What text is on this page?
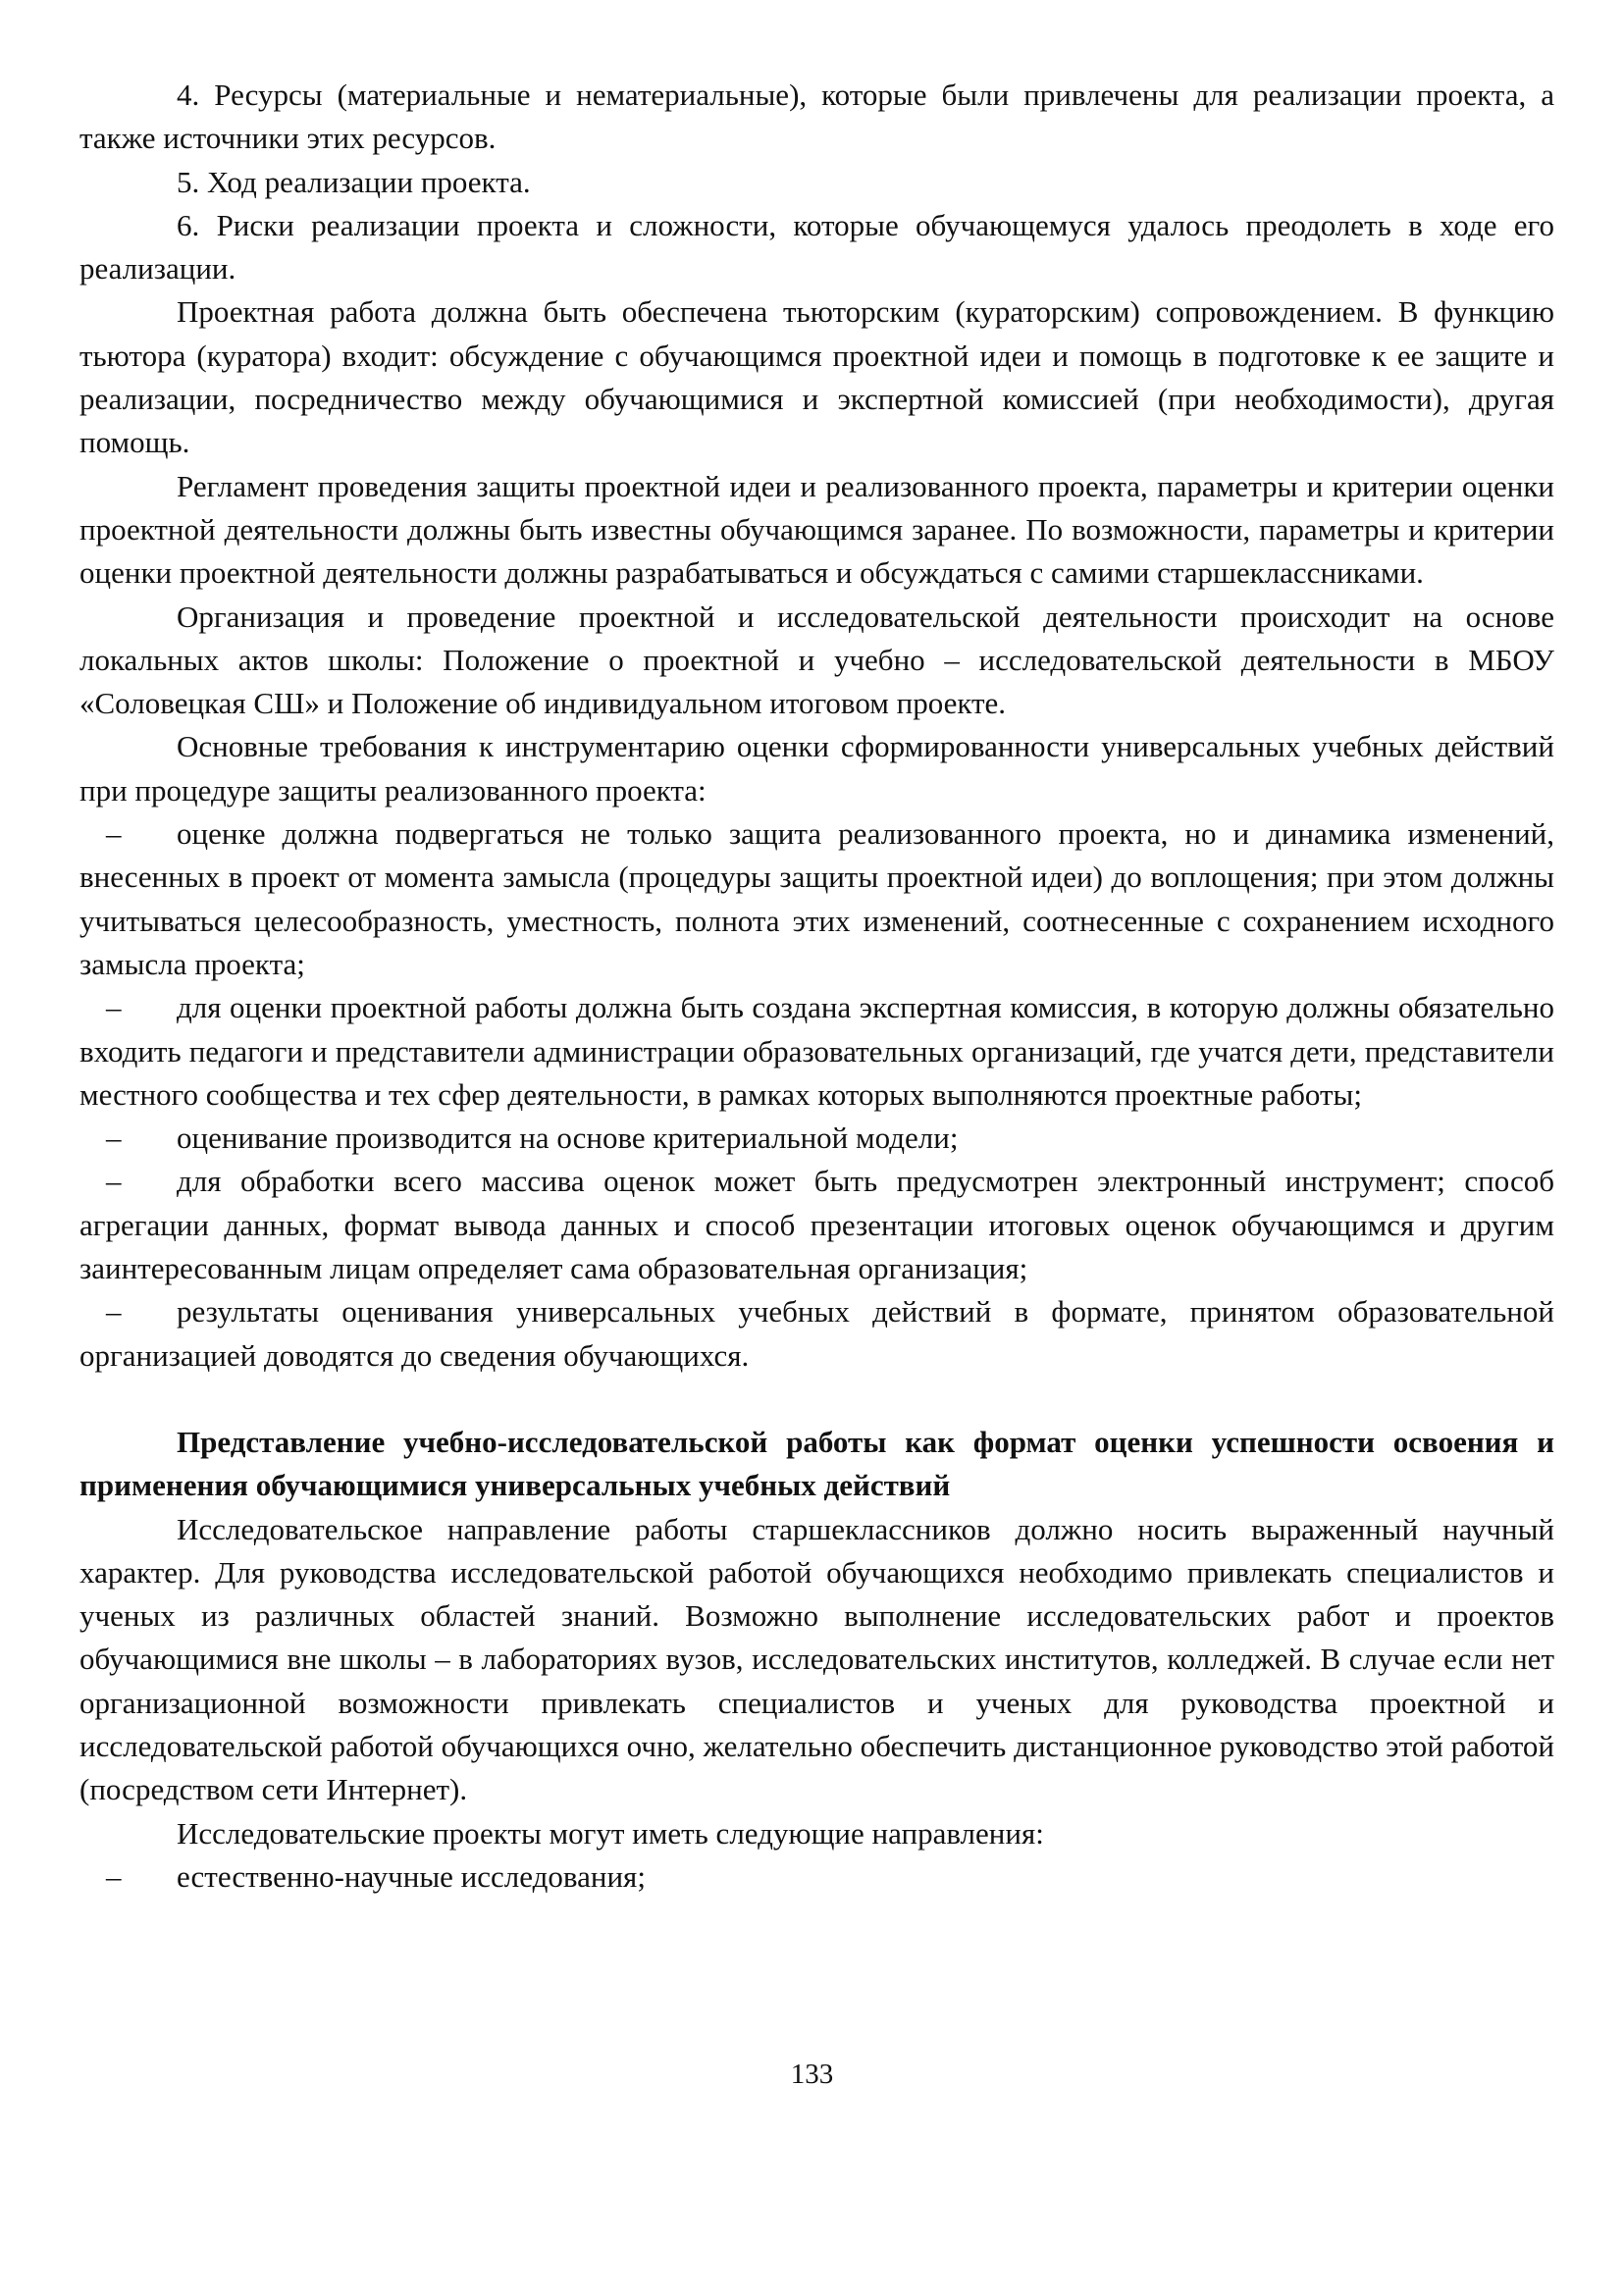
4. Ресурсы (материальные и нематериальные), которые были привлечены для реализации проекта, а также источники этих ресурсов.

5. Ход реализации проекта.

6. Риски реализации проекта и сложности, которые обучающемуся удалось преодолеть в ходе его реализации.

Проектная работа должна быть обеспечена тьюторским (кураторским) сопровождением. В функцию тьютора (куратора) входит: обсуждение с обучающимся проектной идеи и помощь в подготовке к ее защите и реализации, посредничество между обучающимися и экспертной комиссией (при необходимости), другая помощь.

Регламент проведения защиты проектной идеи и реализованного проекта, параметры и критерии оценки проектной деятельности должны быть известны обучающимся заранее. По возможности, параметры и критерии оценки проектной деятельности должны разрабатываться и обсуждаться с самими старшеклассниками.

Организация и проведение проектной и исследовательской деятельности происходит на основе локальных актов школы: Положение о проектной и учебно – исследовательской деятельности в МБОУ «Соловецкая СШ» и Положение об индивидуальном итоговом проекте.

Основные требования к инструментарию оценки сформированности универсальных учебных действий при процедуре защиты реализованного проекта:

– оценке должна подвергаться не только защита реализованного проекта, но и динамика изменений, внесенных в проект от момента замысла (процедуры защиты проектной идеи) до воплощения; при этом должны учитываться целесообразность, уместность, полнота этих изменений, соотнесенные с сохранением исходного замысла проекта;

– для оценки проектной работы должна быть создана экспертная комиссия, в которую должны обязательно входить педагоги и представители администрации образовательных организаций, где учатся дети, представители местного сообщества и тех сфер деятельности, в рамках которых выполняются проектные работы;

– оценивание производится на основе критериальной модели;

– для обработки всего массива оценок может быть предусмотрен электронный инструмент; способ агрегации данных, формат вывода данных и способ презентации итоговых оценок обучающимся и другим заинтересованным лицам определяет сама образовательная организация;

– результаты оценивания универсальных учебных действий в формате, принятом образовательной организацией доводятся до сведения обучающихся.

Представление учебно-исследовательской работы как формат оценки успешности освоения и применения обучающимися универсальных учебных действий

Исследовательское направление работы старшеклассников должно носить выраженный научный характер. Для руководства исследовательской работой обучающихся необходимо привлекать специалистов и ученых из различных областей знаний. Возможно выполнение исследовательских работ и проектов обучающимися вне школы – в лабораториях вузов, исследовательских институтов, колледжей. В случае если нет организационной возможности привлекать специалистов и ученых для руководства проектной и исследовательской работой обучающихся очно, желательно обеспечить дистанционное руководство этой работой (посредством сети Интернет).

Исследовательские проекты могут иметь следующие направления:

– естественно-научные исследования;

133
